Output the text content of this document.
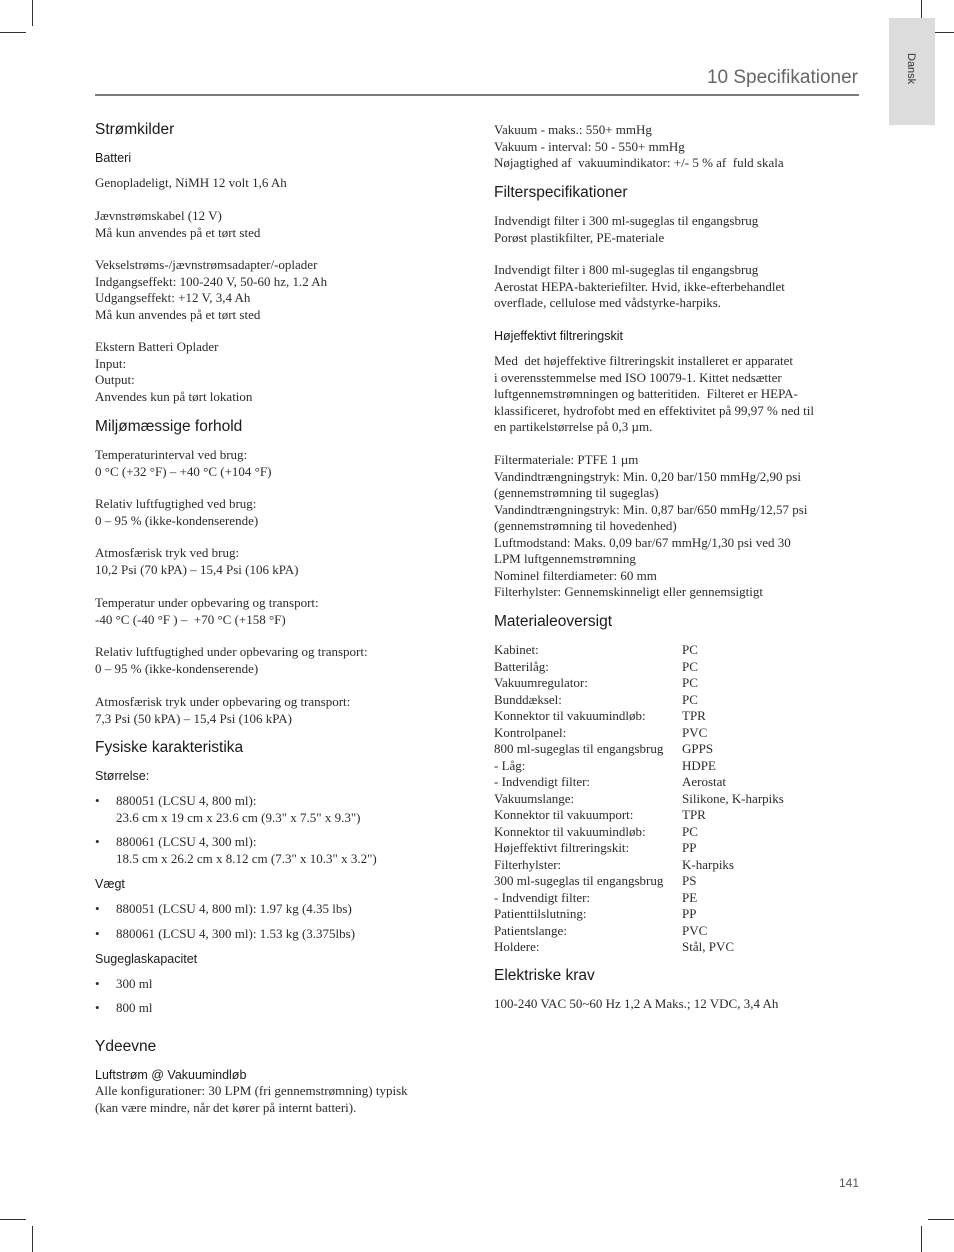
Dansk
10 Specifikationer
Strømkilder
Batteri
Genopladeligt, NiMH 12 volt 1,6 Ah
Jævnstrømskabel (12 V)
Må kun anvendes på et tørt sted
Vekselstrøms-/jævnstrømsadapter/-oplader
Indgangseffekt: 100-240 V, 50-60 hz, 1.2 Ah
Udgangseffekt: +12 V, 3,4 Ah
Må kun anvendes på et tørt sted
Ekstern Batteri Oplader
Input:
Output:
Anvendes kun på tørt lokation
Miljømæssige forhold
Temperaturinterval ved brug:
0 °C (+32 °F) – +40 °C (+104 °F)
Relativ luftfugtighed ved brug:
0 – 95 % (ikke-kondenserende)
Atmosfærisk tryk ved brug:
10,2 Psi (70 kPA) – 15,4 Psi (106 kPA)
Temperatur under opbevaring og transport:
-40 °C (-40 °F ) –  +70 °C (+158 °F)
Relativ luftfugtighed under opbevaring og transport:
0 – 95 % (ikke-kondenserende)
Atmosfærisk tryk under opbevaring og transport:
7,3 Psi (50 kPA) – 15,4 Psi (106 kPA)
Fysiske karakteristika
Størrelse:
• 880051 (LCSU 4, 800 ml):
23.6 cm x 19 cm x 23.6 cm (9.3" x 7.5" x 9.3")
• 880061 (LCSU 4, 300 ml):
18.5 cm x 26.2 cm x 8.12 cm (7.3" x 10.3" x 3.2")
Vægt
• 880051 (LCSU 4, 800 ml): 1.97 kg (4.35 lbs)
• 880061 (LCSU 4, 300 ml): 1.53 kg (3.375lbs)
Sugeglaskapacitet
• 300 ml
• 800 ml
Ydeevne
Luftstrøm @ Vakuumindløb
Alle konfigurationer: 30 LPM (fri gennemstrømning) typisk
(kan være mindre, når det kører på internt batteri).
Vakuum - maks.: 550+ mmHg
Vakuum - interval: 50 - 550+ mmHg
Nøjagtighed af  vakuumindikator: +/- 5 % af  fuld skala
Filterspecifikationer
Indvendigt filter i 300 ml-sugeglas til engangsbrug
Porøst plastikfilter, PE-materiale
Indvendigt filter i 800 ml-sugeglas til engangsbrug
Aerostat HEPA-bakteriefilter. Hvid, ikke-efterbehandlet
overflade, cellulose med vådstyrke-harpiks.
Højeffektivt filtreringskit
Med  det højeffektive filtreringskit installeret er apparatet
i overensstemmelse med ISO 10079-1. Kittet nedsætter
luftgennemstrømningen og batteritiden.  Filteret er HEPA-
klassificeret, hydrofobt med en effektivitet på 99,97 % ned til
en partikelstørrelse på 0,3 µm.
Filtermateriale: PTFE 1 µm
Vandindtrængningstryk: Min. 0,20 bar/150 mmHg/2,90 psi
(gennemstrømning til sugeglas)
Vandindtrængningstryk: Min. 0,87 bar/650 mmHg/12,57 psi
(gennemstrømning til hovedenhed)
Luftmodstand: Maks. 0,09 bar/67 mmHg/1,30 psi ved 30
LPM luftgennemstrømning
Nominel filterdiameter: 60 mm
Filterhylster: Gennemskinneligt eller gennemsigtigt
Materialeoversigt
Kabinet:	PC
Batterilåg:	PC
Vakuumregulator:	PC
Bunddæksel:	PC
Konnektor til vakuumindløb:	TPR
Kontrolpanel:	PVC
800 ml-sugeglas til engangsbrug GPPS
- Låg:	HDPE
- Indvendigt filter:	Aerostat
Vakuumslange:	Silikone, K-harpiks
Konnektor til vakuumport:	TPR
Konnektor til vakuumindløb:	PC
Højeffektivt filtreringskit:	PP
Filterhylster:	K-harpiks
300 ml-sugeglas til engangsbrug PS
- Indvendigt filter:	PE
Patienttilslutning:	PP
Patientslange:	PVC
Holdere:	Stål, PVC
Elektriske krav
100-240 VAC 50~60 Hz 1,2 A Maks.; 12 VDC, 3,4 Ah
141
